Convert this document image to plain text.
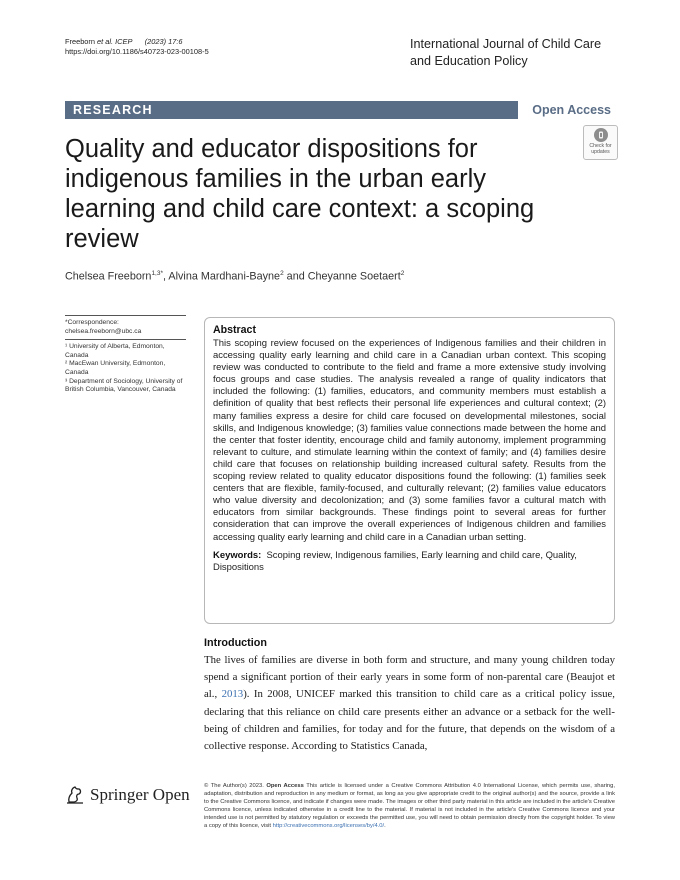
Freeborn et al. ICEP (2023) 17:6
https://doi.org/10.1186/s40723-023-00108-5
International Journal of Child Care and Education Policy
RESEARCH	Open Access
Check for
updates
Quality and educator dispositions for indigenous families in the urban early learning and child care context: a scoping review
Chelsea Freeborn$^{1,3*}$, Alvina Mardhani-Bayne$^2$ and Cheyanne Soetaert$^2$
*Correspondence:
chelsea.freeborn@ubc.ca
¹ University of Alberta, Edmonton, Canada
² MacEwan University, Edmonton, Canada
³ Department of Sociology, University of British Columbia, Vancouver, Canada
Abstract
This scoping review focused on the experiences of Indigenous families and their children in accessing quality early learning and child care in a Canadian urban context. This scoping review was conducted to contribute to the field and frame a more extensive study involving focus groups and case studies. The analysis revealed a range of quality indicators that included the following: (1) families, educators, and community members must establish a definition of quality that best reflects their personal life experiences and cultural context; (2) many families express a desire for child care focused on developmental milestones, social skills, and Indigenous knowledge; (3) families value connections made between the home and the center that foster identity, encourage child and family autonomy, implement programming relevant to culture, and stimulate learning within the context of family; and (4) families desire child care that focuses on relationship building increased cultural safety. Results from the scoping review related to quality educator dispositions found the following: (1) families seek centers that are flexible, family-focused, and culturally relevant; (2) families value educators who value diversity and decolonization; and (3) some families favor a cultural match with educators from similar backgrounds. These findings point to several areas for further consideration that can improve the overall experiences of Indigenous children and families accessing quality early learning and child care in a Canadian urban setting.
Keywords: Scoping review, Indigenous families, Early learning and child care, Quality, Dispositions
Introduction
The lives of families are diverse in both form and structure, and many young children today spend a significant portion of their early years in some form of non-parental care (Beaujot et al., 2013). In 2008, UNICEF marked this transition to child care as a critical policy issue, declaring that this reliance on child care presents either an advance or a setback for the well-being of children and families, for today and for the future, that depends on the wisdom of a collective response. According to Statistics Canada,
Springer Open © The Author(s) 2023. Open Access This article is licensed under a Creative Commons Attribution 4.0 International License, which permits use, sharing, adaptation, distribution and reproduction in any medium or format, as long as you give appropriate credit to the original author(s) and the source, provide a link to the Creative Commons licence, and indicate if changes were made. The images or other third party material in this article are included in the article's Creative Commons licence, unless indicated otherwise in a credit line to the material. If material is not included in the article's Creative Commons licence and your intended use is not permitted by statutory regulation or exceeds the permitted use, you will need to obtain permission directly from the copyright holder. To view a copy of this licence, visit http://creativecommons.org/licenses/by/4.0/.
